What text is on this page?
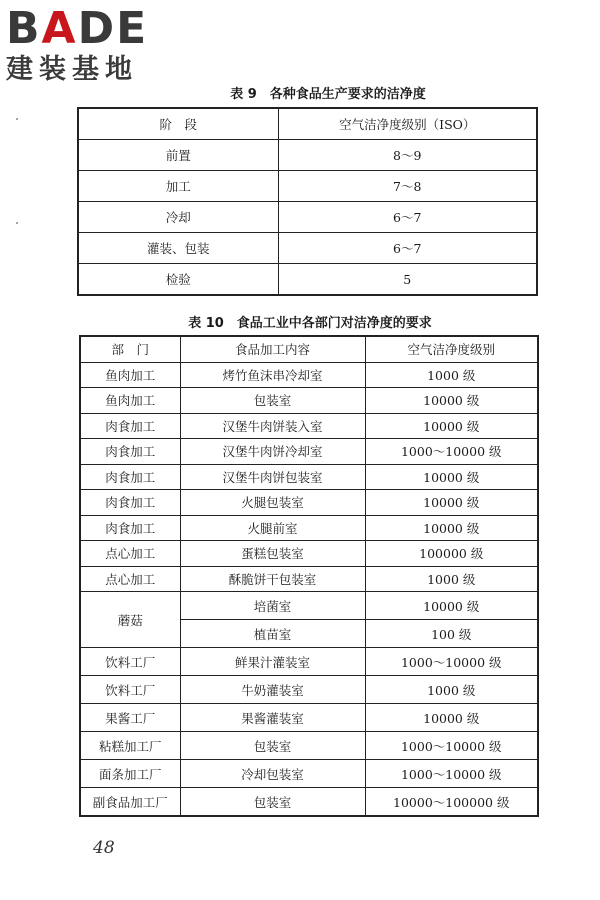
BADE
建装基地
表 9　各种食品生产要求的洁净度
阶　段	空气洁净度级别（ISO）
前置	8～9
加工	7～8
冷却	6～7
灌装、包装	6～7
检验	5
表 10　食品工业中各部门对洁净度的要求
部　门	食品加工内容	空气洁净度级别
鱼肉加工	烤竹鱼沫串冷却室	1000 级
鱼肉加工	包装室	10000 级
肉食加工	汉堡牛肉饼装入室	10000 级
肉食加工	汉堡牛肉饼冷却室	1000～10000 级
肉食加工	汉堡牛肉饼包装室	10000 级
肉食加工	火腿包装室	10000 级
肉食加工	火腿前室	10000 级
点心加工	蛋糕包装室	100000 级
点心加工	酥脆饼干包装室	1000 级
蘑菇	培菌室	10000 级
	植苗室	100 级
饮料工厂	鲜果汁灌装室	1000～10000 级
饮料工厂	牛奶灌装室	1000 级
果酱工厂	果酱灌装室	10000 级
粘糕加工厂	包装室	1000～10000 级
面条加工厂	冷却包装室	1000～10000 级
副食品加工厂	包装室	10000～100000 级
48
